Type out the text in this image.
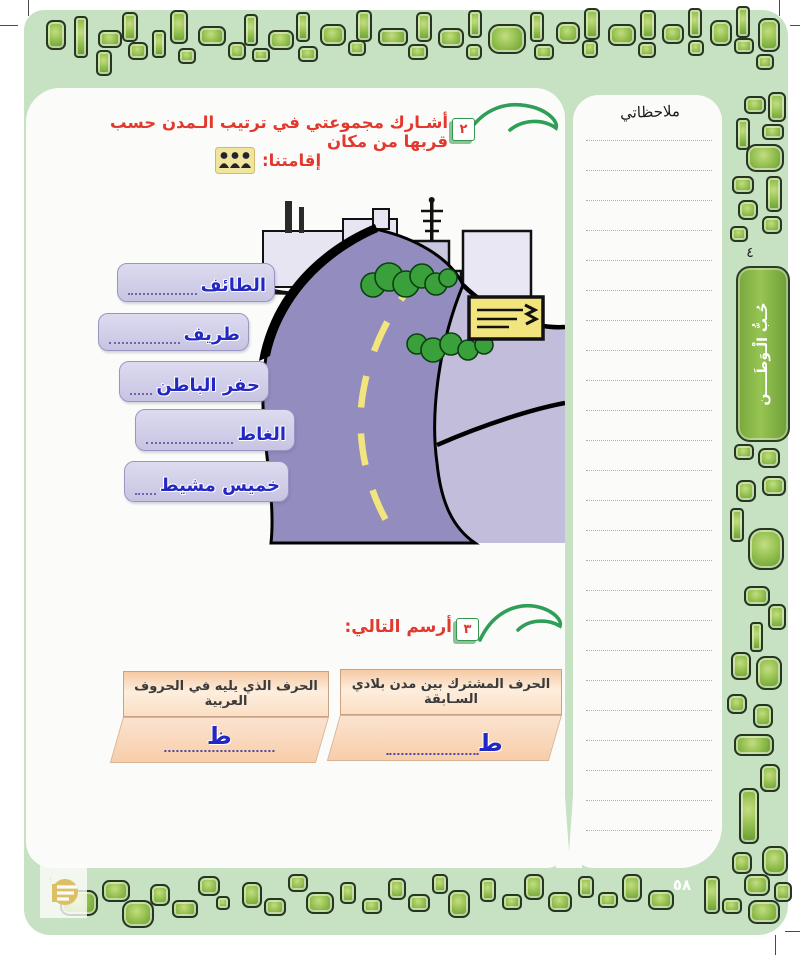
٢
أشـارك مجموعتي في ترتيب الـمدن حسب قربها من مكان
إقامتنا:
الطائف
طريف
حفر الباطن
الغاط
خميس مشيط
٣
أرسم التالي:
الحرف المشترك بين مدن بلادي السـابقة
ط
الحرف الذي يليه في الحروف العربية
ظ
ملاحظاتي
٤
حُـبُّ الْـوَطَــــن
٥٨
···
